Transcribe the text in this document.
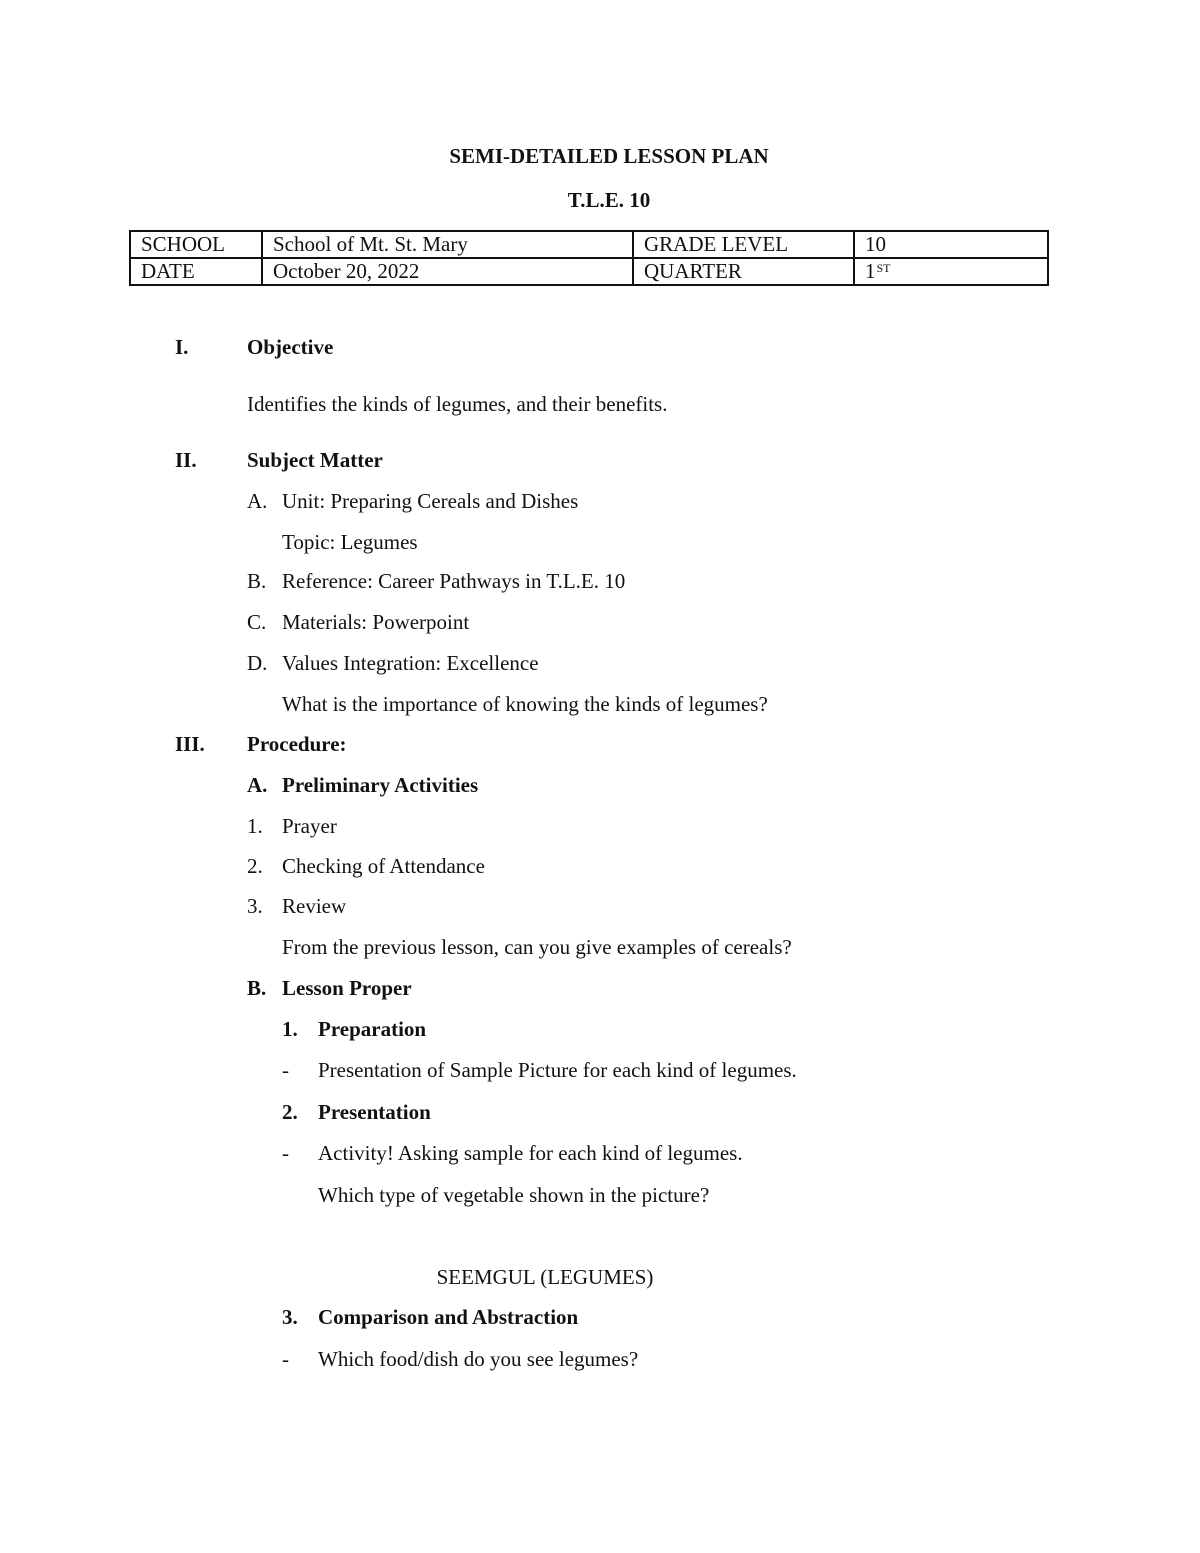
SEMI-DETAILED LESSON PLAN
T.L.E. 10
SCHOOL	School of Mt. St. Mary	GRADE LEVEL	10
DATE	October 20, 2022	QUARTER	1ST
I.	Objective
Identifies the kinds of legumes, and their benefits.
II. Subject Matter
A. Unit: Preparing Cereals and Dishes
Topic: Legumes
B. Reference: Career Pathways in T.L.E. 10
C. Materials: Powerpoint
D. Values Integration: Excellence
What is the importance of knowing the kinds of legumes?
III. Procedure:
A. Preliminary Activities
1. Prayer
2. Checking of Attendance
3. Review
From the previous lesson, can you give examples of cereals?
B. Lesson Proper
1. Preparation
- Presentation of Sample Picture for each kind of legumes.
2. Presentation
- Activity! Asking sample for each kind of legumes.
Which type of vegetable shown in the picture?
SEEMGUL (LEGUMES)
3. Comparison and Abstraction
- Which food/dish do you see legumes?
